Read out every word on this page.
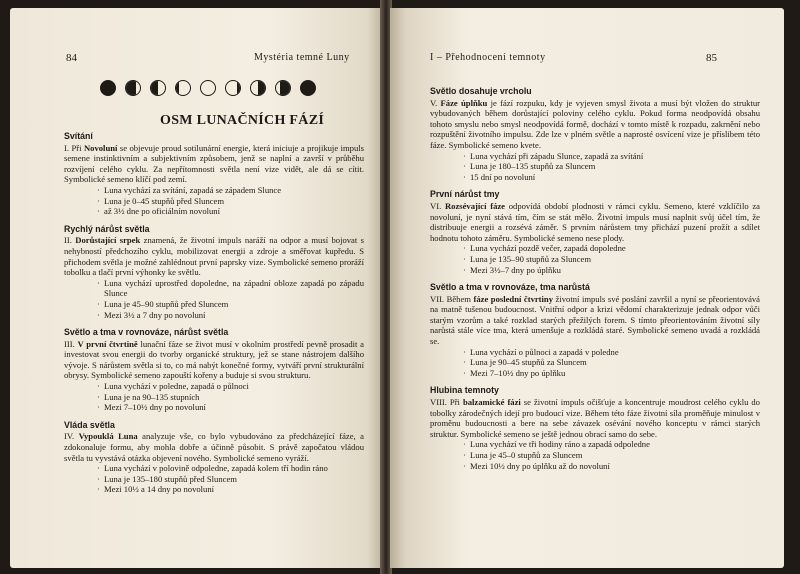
84	Mystéria temné Luny
OSM LUNAČNÍCH FÁZÍ
Svítání

I. Při Novoluní se objevuje proud sotilunární energie, která iniciuje a projikuje impuls semene instinktivním a subjektivním způsobem, jenž se naplní a završí v průběhu rozvíjení celého cyklu. Za nepřítomnosti světla není vize vidět, ale dá se cítit. Symbolické semeno klíčí pod zemí.

· Luna vychází za svítání, zapadá se západem Slunce
· Luna je 0–45 stupňů před Sluncem
· až 3½ dne po oficiálním novoluní
Rychlý nárůst světla

II. Dorůstající srpek znamená, že životní impuls naráží na odpor a musí bojovat s nehybností předchozího cyklu, mobilizovat energii a zdroje a směřovat kupředu. S přichodem světla je možné zahlédnout první paprsky vize. Symbolické semeno proráží tobolku a tlačí první výhonky ke světlu.

· Luna vychází uprostřed dopoledne, na západní obloze zapadá po západu Slunce
· Luna je 45–90 stupňů před Sluncem
· Mezi 3½ a 7 dny po novoluní
Světlo a tma v rovnováze, nárůst světla

III. V první čtvrtině lunační fáze se život musí v okolním prostředí pevně prosadit a investovat svou energii do tvorby organické struktury, jež se stane nástrojem dalšího vývoje. S nárůstem světla si to, co má nabýt konečné formy, vytváří první strukturální obrysy. Symbolické semeno zapouští kořeny a buduje si svou strukturu.

· Luna vychází v poledne, zapadá o půlnoci
· Luna je na 90–135 stupních
· Mezi 7–10½ dny po novoluní
Vláda světla

IV. Vypouklá Luna analyzuje vše, co bylo vybudováno za předcházející fáze, a zdokonaluje formu, aby mohla dobře a účinně působit. S právě započatou vládou světla tu vyvstává otázka objevení nového. Symbolické semeno vyráží.

· Luna vychází v polovině odpoledne, zapadá kolem tří hodin ráno
· Luna je 135–180 stupňů před Sluncem
· Mezi 10½ a 14 dny po novoluní
I – Přehodnocení temnoty	85
Světlo dosahuje vrcholu

V. Fáze úplňku je fází rozpuku, kdy je vyjeven smysl života a musí být vložen do struktur vybudovaných během dorůstající poloviny celého cyklu. Pokud forma neodpovídá obsahu tohoto smyslu nebo smysl neodpovídá formě, dochází v tomto místě k rozpadu, zakrnění nebo rozpuštění životního impulsu. Zde lze v plném světle a naprosté osvícení vize je příslibem této fáze. Symbolické semeno kvete.

· Luna vychází při západu Slunce, zapadá za svítání
· Luna je 180–135 stupňů za Sluncem
· 15 dní po novoluní
První nárůst tmy

VI. Rozsévající fáze odpovídá období plodnosti v rámci cyklu. Semeno, které vzklíčilo za novoluní, je nyní stává tím, čím se stát mělo. Životní impuls musí naplnit svůj účel tím, že distribuuje energii a rozsévá záměr. S prvním nárůstem tmy přichází puzení prožít a sdílet hodnotu tohoto záměru. Symbolické semeno nese plody.

· Luna vychází pozdě večer, zapadá dopoledne
· Luna je 135–90 stupňů za Sluncem
· Mezi 3½–7 dny po úplňku
Světlo a tma v rovnováze, tma narůstá

VII. Během fáze poslední čtvrtiny životní impuls své poslání završil a nyní se přeorientovává na matně tušenou budoucnost. Vnitřní odpor a krizi vědomí charakterizuje jednak odpor vůči starým vzorům a také rozklad starých přežilých forem. S tímto přeorientováním životní síly narůstá stále více tma, která umenšuje a rozkládá staré. Symbolické semeno uvadá a rozkládá se.

· Luna vychází o půlnoci a zapadá v poledne
· Luna je 90–45 stupňů za Sluncem
· Mezi 7–10½ dny po úplňku
Hlubina temnoty

VIII. Při balzamické fázi se životní impuls očišťuje a koncentruje moudrost celého cyklu do tobolky zárodečných idejí pro budoucí vize. Během této fáze životní síla proměňuje minulost v proměnu budoucnosti a bere na sebe závazek osévání nového konceptu v rámci starých struktur. Symbolické semeno se ještě jednou obrací samo do sebe.

· Luna vychází ve tři hodiny ráno a zapadá odpoledne
· Luna je 45–0 stupňů za Sluncem
· Mezi 10½ dny po úplňku až do novoluní
